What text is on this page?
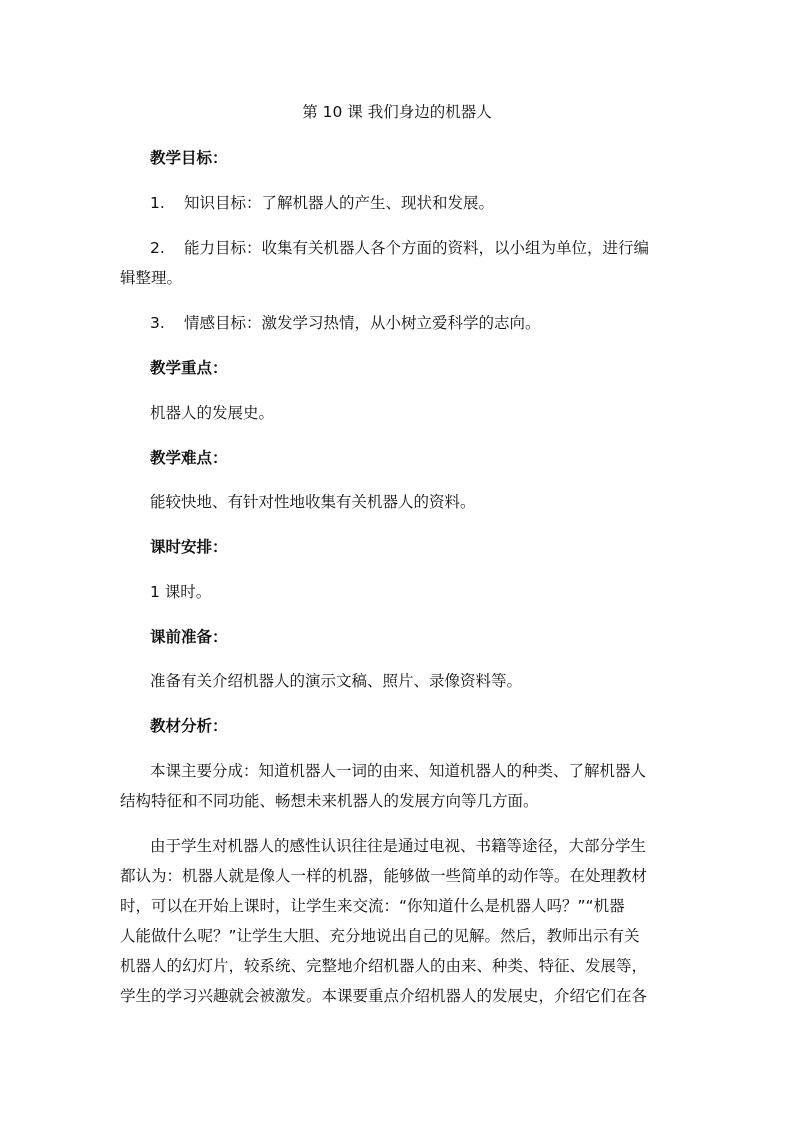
第 10 课 我们身边的机器人
教学目标：
1. 知识目标：了解机器人的产生、现状和发展。
2. 能力目标：收集有关机器人各个方面的资料，以小组为单位，进行编
辑整理。
3. 情感目标：激发学习热情，从小树立爱科学的志向。
教学重点：
机器人的发展史。
教学难点：
能较快地、有针对性地收集有关机器人的资料。
课时安排：
1 课时。
课前准备：
准备有关介绍机器人的演示文稿、照片、录像资料等。
教材分析：
本课主要分成：知道机器人一词的由来、知道机器人的种类、了解机器人
结构特征和不同功能、畅想未来机器人的发展方向等几方面。
由于学生对机器人的感性认识往往是通过电视、书籍等途径，大部分学生
都认为：机器人就是像人一样的机器，能够做一些简单的动作等。在处理教材
时，可以在开始上课时，让学生来交流：“你知道什么是机器人吗？”“机器
人能做什么呢？”让学生大胆、充分地说出自己的见解。然后，教师出示有关
机器人的幻灯片，较系统、完整地介绍机器人的由来、种类、特征、发展等，
学生的学习兴趣就会被激发。本课要重点介绍机器人的发展史，介绍它们在各
